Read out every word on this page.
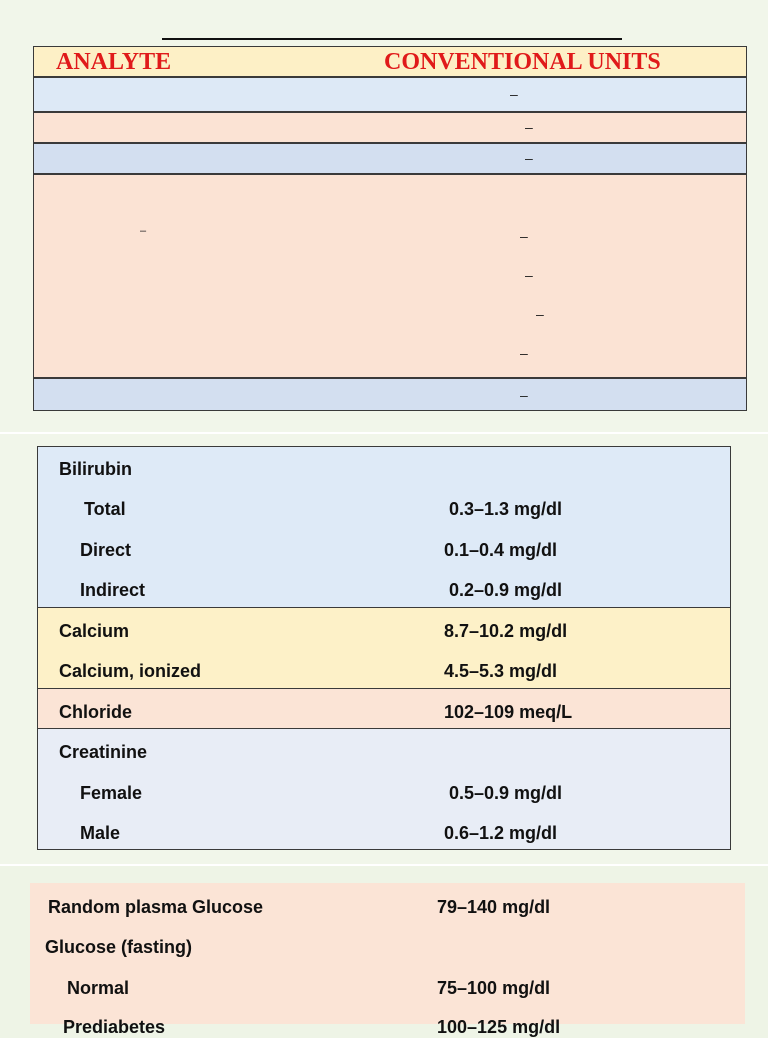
ANALYTE	CONVENTIONAL UNITS
–
–
–
–	–
–
–
–
–
Bilirubin
Total	0.3–1.3 mg/dl
Direct	0.1–0.4 mg/dl
Indirect	0.2–0.9 mg/dl
Calcium	8.7–10.2 mg/dl
Calcium, ionized	4.5–5.3 mg/dl
Chloride	102–109 meq/L
Creatinine
Female	0.5–0.9 mg/dl
Male	0.6–1.2 mg/dl
Random plasma Glucose	79–140 mg/dl
Glucose (fasting)
Normal	75–100 mg/dl
Prediabetes	100–125 mg/dl
